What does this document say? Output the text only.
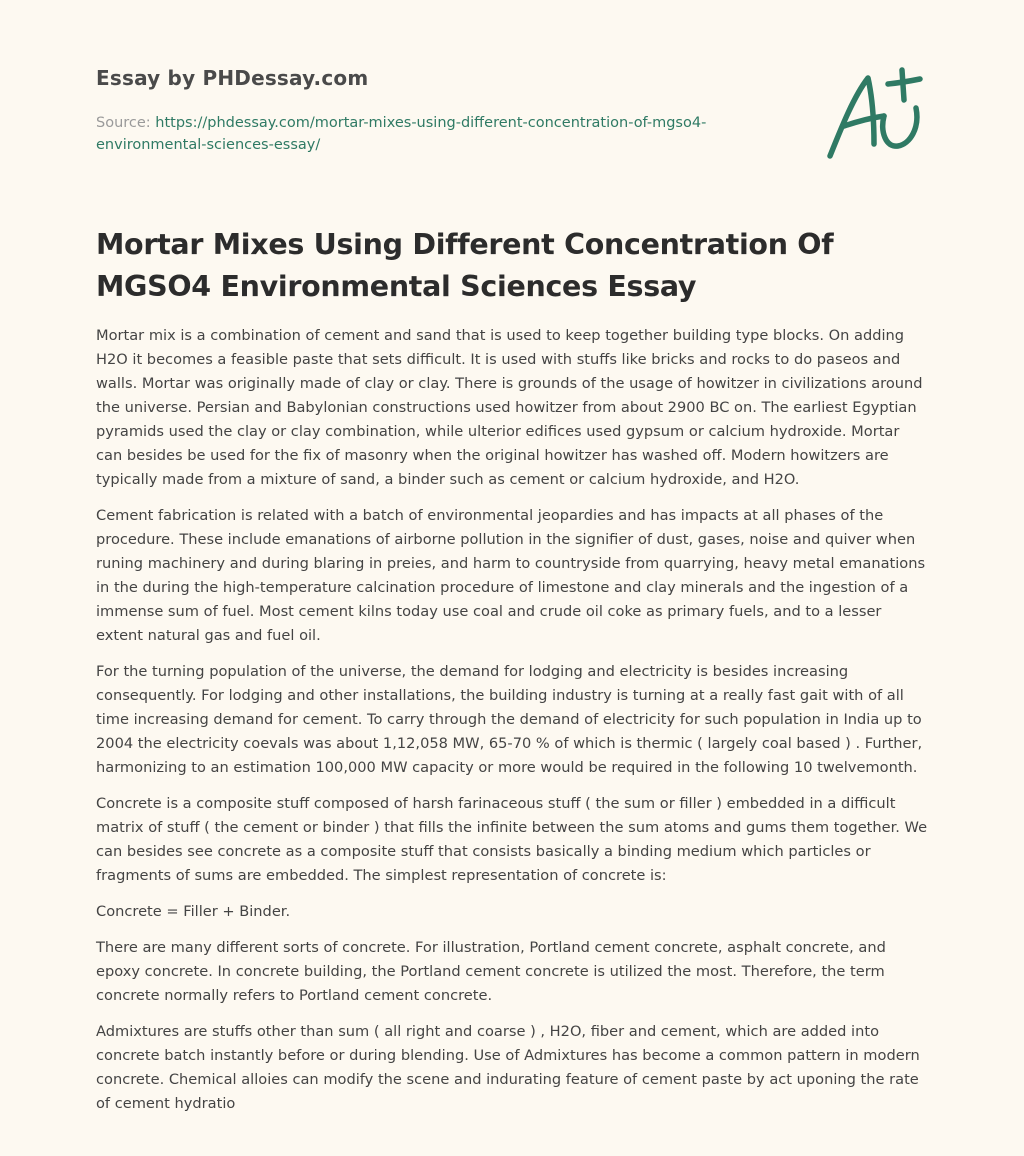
Essay by PHDessay.com
Source: https://phdessay.com/mortar-mixes-using-different-concentration-of-mgso4-environmental-sciences-essay/
Mortar Mixes Using Different Concentration Of MGSO4 Environmental Sciences Essay

Mortar mix is a combination of cement and sand that is used to keep together building type blocks. On adding H2O it becomes a feasible paste that sets difficult. It is used with stuffs like bricks and rocks to do paseos and walls. Mortar was originally made of clay or clay. There is grounds of the usage of howitzer in civilizations around the universe. Persian and Babylonian constructions used howitzer from about 2900 BC on. The earliest Egyptian pyramids used the clay or clay combination, while ulterior edifices used gypsum or calcium hydroxide. Mortar can besides be used for the fix of masonry when the original howitzer has washed off. Modern howitzers are typically made from a mixture of sand, a binder such as cement or calcium hydroxide, and H2O.

Cement fabrication is related with a batch of environmental jeopardies and has impacts at all phases of the procedure. These include emanations of airborne pollution in the signifier of dust, gases, noise and quiver when runing machinery and during blaring in preies, and harm to countryside from quarrying, heavy metal emanations in the during the high-temperature calcination procedure of limestone and clay minerals and the ingestion of a immense sum of fuel. Most cement kilns today use coal and crude oil coke as primary fuels, and to a lesser extent natural gas and fuel oil.

For the turning population of the universe, the demand for lodging and electricity is besides increasing consequently. For lodging and other installations, the building industry is turning at a really fast gait with of all time increasing demand for cement. To carry through the demand of electricity for such population in India up to 2004 the electricity coevals was about 1,12,058 MW, 65-70 % of which is thermic ( largely coal based ) . Further, harmonizing to an estimation 100,000 MW capacity or more would be required in the following 10 twelvemonth.

Concrete is a composite stuff composed of harsh farinaceous stuff ( the sum or filler ) embedded in a difficult matrix of stuff ( the cement or binder ) that fills the infinite between the sum atoms and gums them together. We can besides see concrete as a composite stuff that consists basically a binding medium which particles or fragments of sums are embedded. The simplest representation of concrete is:

Concrete = Filler + Binder.

There are many different sorts of concrete. For illustration, Portland cement concrete, asphalt concrete, and epoxy concrete. In concrete building, the Portland cement concrete is utilized the most. Therefore, the term concrete normally refers to Portland cement concrete.

Admixtures are stuffs other than sum ( all right and coarse ) , H2O, fiber and cement, which are added into concrete batch instantly before or during blending. Use of Admixtures has become a common pattern in modern concrete. Chemical alloies can modify the scene and indurating feature of cement paste by act uponing the rate of cement hydratio
